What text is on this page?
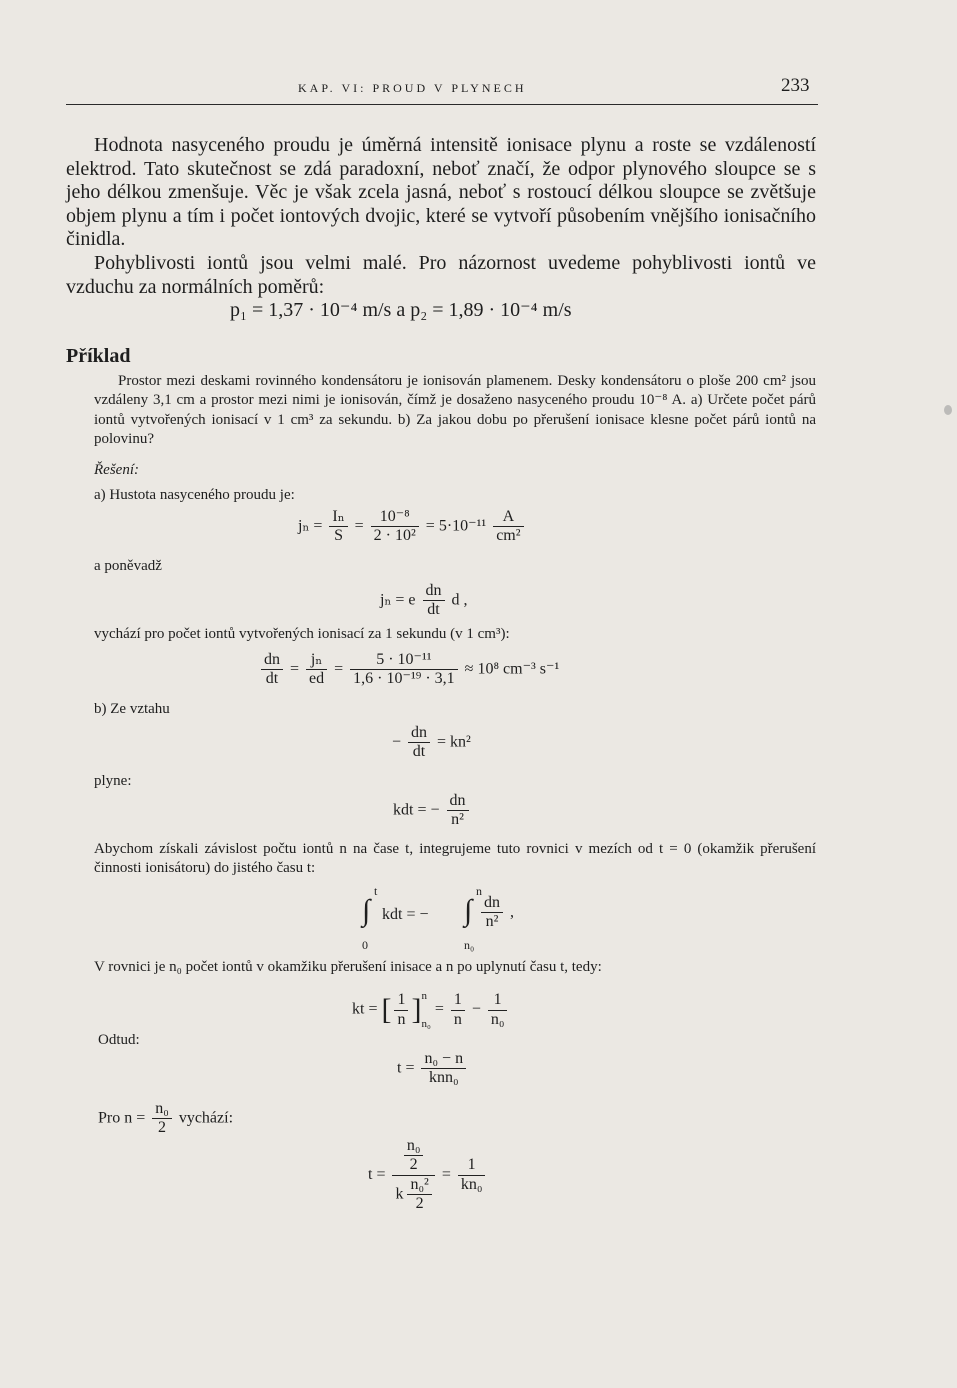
KAP. VI: PROUD V PLYNECH	233

Hodnota nasyceného proudu je úměrná intensitě ionisace plynu a roste se vzdáleností elektrod. Tato skutečnost se zdá paradoxní, neboť značí, že odpor plynového sloupce se s jeho délkou zmenšuje. Věc je však zcela jasná, neboť s rostoucí délkou sloupce se zvětšuje objem plynu a tím i počet iontových dvojic, které se vytvoří působením vnějšího ionisačního činidla.

Pohyblivosti iontů jsou velmi malé. Pro názornost uvedeme pohyblivosti iontů ve vzduchu za normálních poměrů:

p₁ = 1,37 · 10⁻⁴ m/s a p₂ = 1,89 · 10⁻⁴ m/s
Příklad

Prostor mezi deskami rovinného kondensátoru je ionisován plamenem. Desky kondensátoru o ploše 200 cm² jsou vzdáleny 3,1 cm a prostor mezi nimi je ionisován, čímž je dosaženo nasyceného proudu 10⁻⁸ A. a) Určete počet párů iontů vytvořených ionisací v 1 cm³ za sekundu. b) Za jakou dobu po přerušení ionisace klesne počet párů iontů na polovinu?

Řešení:
a) Hustota nasyceného proudu je:
$j_n = \frac{\text{Iₙ}}{S} = \frac{\text{10⁻⁸}}{\text{2 · 10²}} = 5\cdot 10^{-11} \frac{A}{\text{cm²}}$
a poněvadž
jₙ = e $\frac{dn}{dt}$ d ,
vychází pro počet iontů vytvořených ionisací za 1 sekundu (v 1 cm³):
$\frac{dn}{dt} = \frac{\text{jₙ}}{ed} = \frac{\text{5 · 10⁻¹¹}}{\text{1,6 · 10⁻¹⁹ · 3,1}} \approx 10^8$ cm⁻³ s⁻¹
b) Ze vztahu
− $\frac{dn}{dt} = kn^2$
plyne:
kdt = − $\frac{dn}{\text{n²}}$

Abychom získali závislost počtu iontů n na čase t, integrujeme tuto rovnici v mezích od t = 0 (okamžik přerušení činnosti ionisátoru) do jistého času t:

t
0
∫ kdt = −
n
n₀
∫ $\frac{dn}{\text{n²}}$ ,

V rovnici je n₀ počet iontů v okamžiku přerušení inisace a n po uplynutí času t, tedy:

kt = [ $\frac{1}{n}$ ] n
n₀
= $\frac{1}{n} - \frac{1}{\text{n₀}}$
Odtud:
$t = \frac{\text{n₀ − n}}{\text{knn₀}}$
Pro $n = \frac{\text{n₀}}{2}$ vychází:
$t = \frac{\frac{\text{n₀}}{2}}{k \frac{\text{n₀²}}{2}} = \frac{1}{\text{kn₀}}$
